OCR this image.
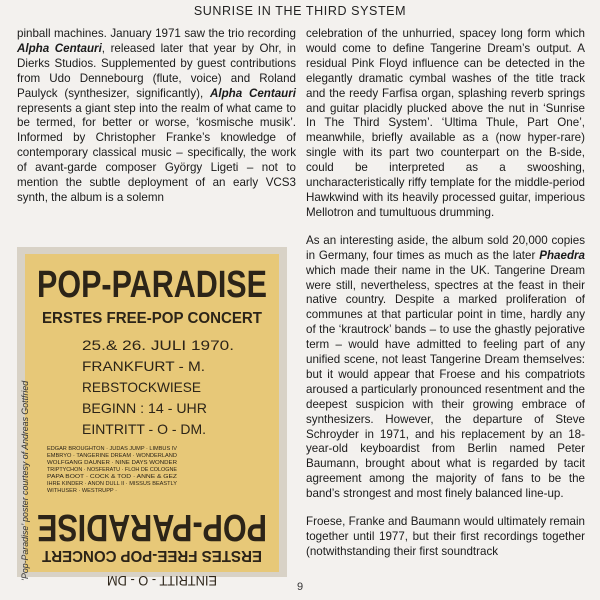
SUNRISE IN THE THIRD SYSTEM

pinball machines. January 1971 saw the trio recording Alpha Centauri, released later that year by Ohr, in Dierks Studios. Supplemented by guest contributions from Udo Dennebourg (flute, voice) and Roland Paulyck (synthesizer, significantly), Alpha Centauri represents a giant step into the realm of what came to be termed, for better or worse, ‘kosmische musik’. Informed by Christopher Franke’s knowledge of contemporary classical music – specifically, the work of avant-garde composer György Ligeti – not to mention the subtle deployment of an early VCS3 synth, the album is a solemn

POP-PARADISE
ERSTES FREE-POP CONCERT
25.& 26. JULI 1970.
FRANKFURT - M.
REBSTOCKWIESE
BEGINN : 14 - UHR
EINTRITT - O - DM.
EDGAR BROUGHTON · JUDAS JUMP · LIMBUS IV
EMBRYO · TANGERINE DREAM · WONDERLAND
WOLFGANG DAUNER · NINE DAYS WONDER
TRIPTYCHON · NOSFERATU · FLOH DE COLOGNE
PAPA BOOT · COCK & TOD · ANNE & GEZ
IHRE KINDER · ANON DULL II · MISSUS BEASTLY
WITHUSER · WESTRUPP ·
EINTRITT - O - DM
ERSTES FREE-POP CONCERT
POP-PARADISE
‘Pop-Paradise’ poster courtesy of Andreas Gottfried

celebration of the unhurried, spacey long form which would come to define Tangerine Dream’s output. A residual Pink Floyd influence can be detected in the elegantly dramatic cymbal washes of the title track and the reedy Farfisa organ, splashing reverb springs and guitar placidly plucked above the nut in ‘Sunrise In The Third System’. ‘Ultima Thule, Part One’, meanwhile, briefly available as a (now hyper-rare) single with its part two counterpart on the B-side, could be interpreted as a swooshing, uncharacteristically riffy template for the middle-period Hawkwind with its heavily processed guitar, imperious Mellotron and tumultuous drumming.

As an interesting aside, the album sold 20,000 copies in Germany, four times as much as the later Phaedra which made their name in the UK. Tangerine Dream were still, nevertheless, spectres at the feast in their native country. Despite a marked proliferation of communes at that particular point in time, hardly any of the ‘krautrock’ bands – to use the ghastly pejorative term – would have admitted to feeling part of any unified scene, not least Tangerine Dream themselves: but it would appear that Froese and his compatriots aroused a particularly pronounced resentment and the deepest suspicion with their growing embrace of synthesizers. However, the departure of Steve Schroyder in 1971, and his replacement by an 18-year-old keyboardist from Berlin named Peter Baumann, brought about what is regarded by tacit agreement among the majority of fans to be the band’s strongest and most finely balanced line-up.

Froese, Franke and Baumann would ultimately remain together until 1977, but their first recordings together (notwithstanding their first soundtrack

9
